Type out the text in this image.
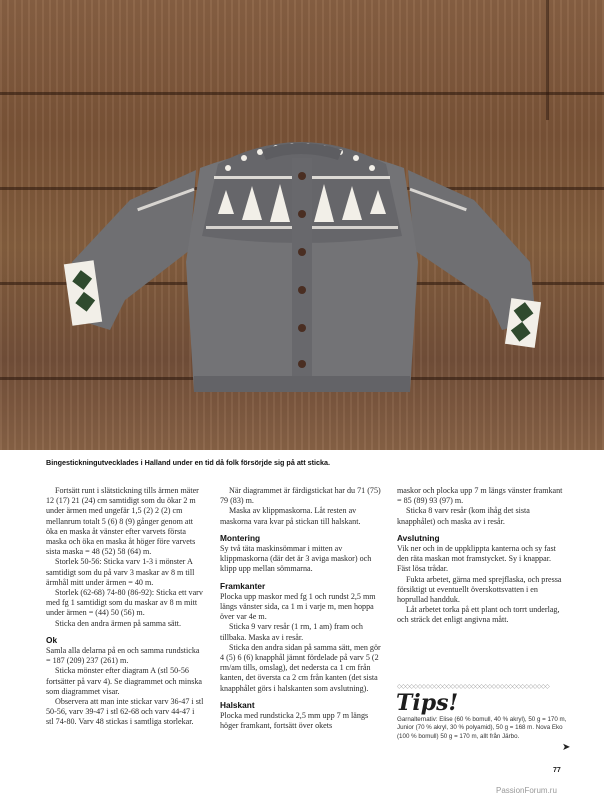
Bingestickningutvecklades i Halland under en tid då folk försörjde sig på att sticka.

Fortsätt runt i slätstickning tills ärmen mäter 12 (17) 21 (24) cm samtidigt som du ökar 2 m under ärmen med ungefär 1,5 (2) 2 (2) cm mellanrum totalt 5 (6) 8 (9) gånger genom att öka en maska åt vänster efter varvets första maska och öka en maska åt höger före varvets sista maska = 48 (52) 58 (64) m.

Storlek 50-56: Sticka varv 1-3 i mönster A samtidigt som du på varv 3 maskar av 8 m till ärmhål mitt under ärmen = 40 m.

Storlek (62-68) 74-80 (86-92): Sticka ett varv med fg 1 samtidigt som du maskar av 8 m mitt under ärmen = (44) 50 (56) m.

Sticka den andra ärmen på samma sätt.

Ok

Samla alla delarna på en och samma rundsticka = 187 (209) 237 (261) m.

Sticka mönster efter diagram A (stl 50-56 fortsätter på varv 4). Se diagrammet och minska som diagrammet visar.

Observera att man inte stickar varv 36-47 i stl 50-56, varv 39-47 i stl 62-68 och varv 44-47 i stl 74-80. Varv 48 stickas i samtliga storlekar.

När diagrammet är färdigstickat har du 71 (75) 79 (83) m.

Maska av klippmaskorna. Låt resten av maskorna vara kvar på stickan till halskant.

Montering

Sy två täta maskinsömmar i mitten av klippmaskorna (där det är 3 aviga maskor) och klipp upp mellan sömmarna.

Framkanter

Plocka upp maskor med fg 1 och rundst 2,5 mm längs vänster sida, ca 1 m i varje m, men hoppa över var 4e m.

Sticka 9 varv resår (1 rm, 1 am) fram och tillbaka. Maska av i resår.

Sticka den andra sidan på samma sätt, men gör 4 (5) 6 (6) knapphål jämnt fördelade på varv 5 (2 rm/am tills, omslag), det nedersta ca 1 cm från kanten, det översta ca 2 cm från kanten (det sista knapphålet görs i halskanten som avslutning).

Halskant

Plocka med rundsticka 2,5 mm upp 7 m längs höger framkant, fortsätt över okets

maskor och plocka upp 7 m längs vänster framkant = 85 (89) 93 (97) m.

Sticka 8 varv resår (kom ihåg det sista knapphålet) och maska av i resår.

Avslutning

Vik ner och in de uppklippta kanterna och sy fast den räta maskan mot framstycket. Sy i knappar. Fäst lösa trådar.

Fukta arbetet, gärna med sprejflaska, och pressa försiktigt ut eventuellt överskottsvatten i en hoprullad handduk.

Låt arbetet torka på ett plant och torrt underlag, och sträck det enligt angivna mått.

◇◇◇◇◇◇◇◇◇◇◇◇◇◇◇◇◇◇◇◇◇◇◇◇◇◇◇◇◇◇◇◇◇◇◇◇◇
Tips!
Garnalternativ: Elise (60 % bomull, 40 % akryl), 50 g = 170 m, Junior (70 % akryl, 30 % polyamid), 50 g = 168 m. Nova Eko (100 % bomull) 50 g = 170 m, allt från Järbo.
➤
77
PassionForum.ru
